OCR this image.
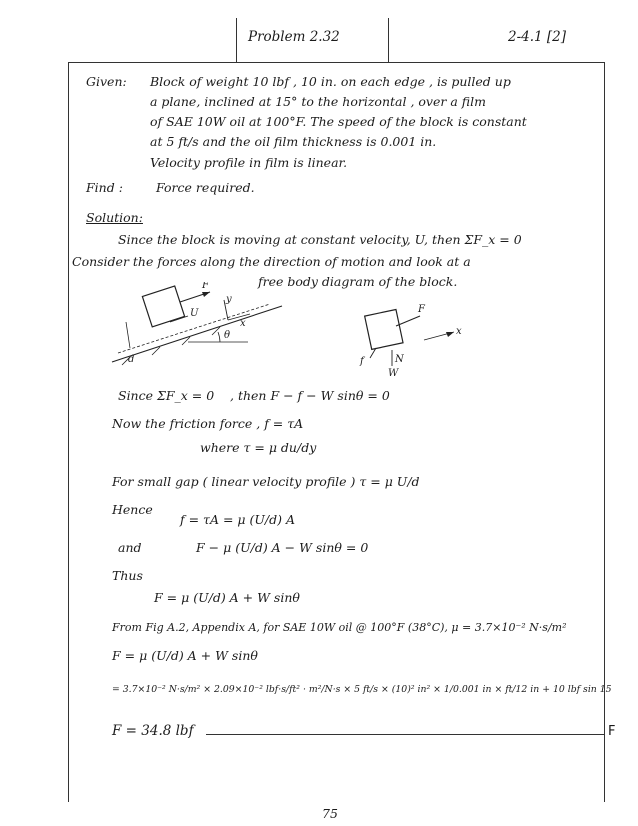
Problem 2.32	2-4.1 [2]
Given: Block of weight 10 lbf , 10 in. on each edge , is pulled up
a plane, inclined at 15° to the horizontal , over a film
of SAE 10W oil at 100°F. The speed of the block is constant
at 5 ft/s and the oil film thickness is 0.001 in.
Velocity profile in film is linear.
Find :	Force required.
Solution:
Since the block is moving at constant velocity, U, then ΣF_x = 0
Consider the forces along the direction of motion and look at a
free body diagram of the block.
θ
d
F
U
y
x
F
x
f	N
W
Since ΣF_x = 0 , then F − f − W sinθ = 0
Now the friction force , f = τA
where τ = μ du/dy
For small gap ( linear velocity profile ) τ = μ U/d
Hence
f = τA = μ (U/d) A
and	F − μ (U/d) A − W sinθ = 0
Thus
F = μ (U/d) A + W sinθ
From Fig A.2, Appendix A, for SAE 10W oil @ 100°F (38°C), μ = 3.7×10⁻² N·s/m²
F = μ (U/d) A + W sinθ
= 3.7×10⁻² N·s/m² × 2.09×10⁻² lbf·s/ft² · m²/N·s × 5 ft/s × (10)² in² × 1/0.001 in × ft/12 in + 10 lbf sin 15
F = 34.8 lbf	F
75
